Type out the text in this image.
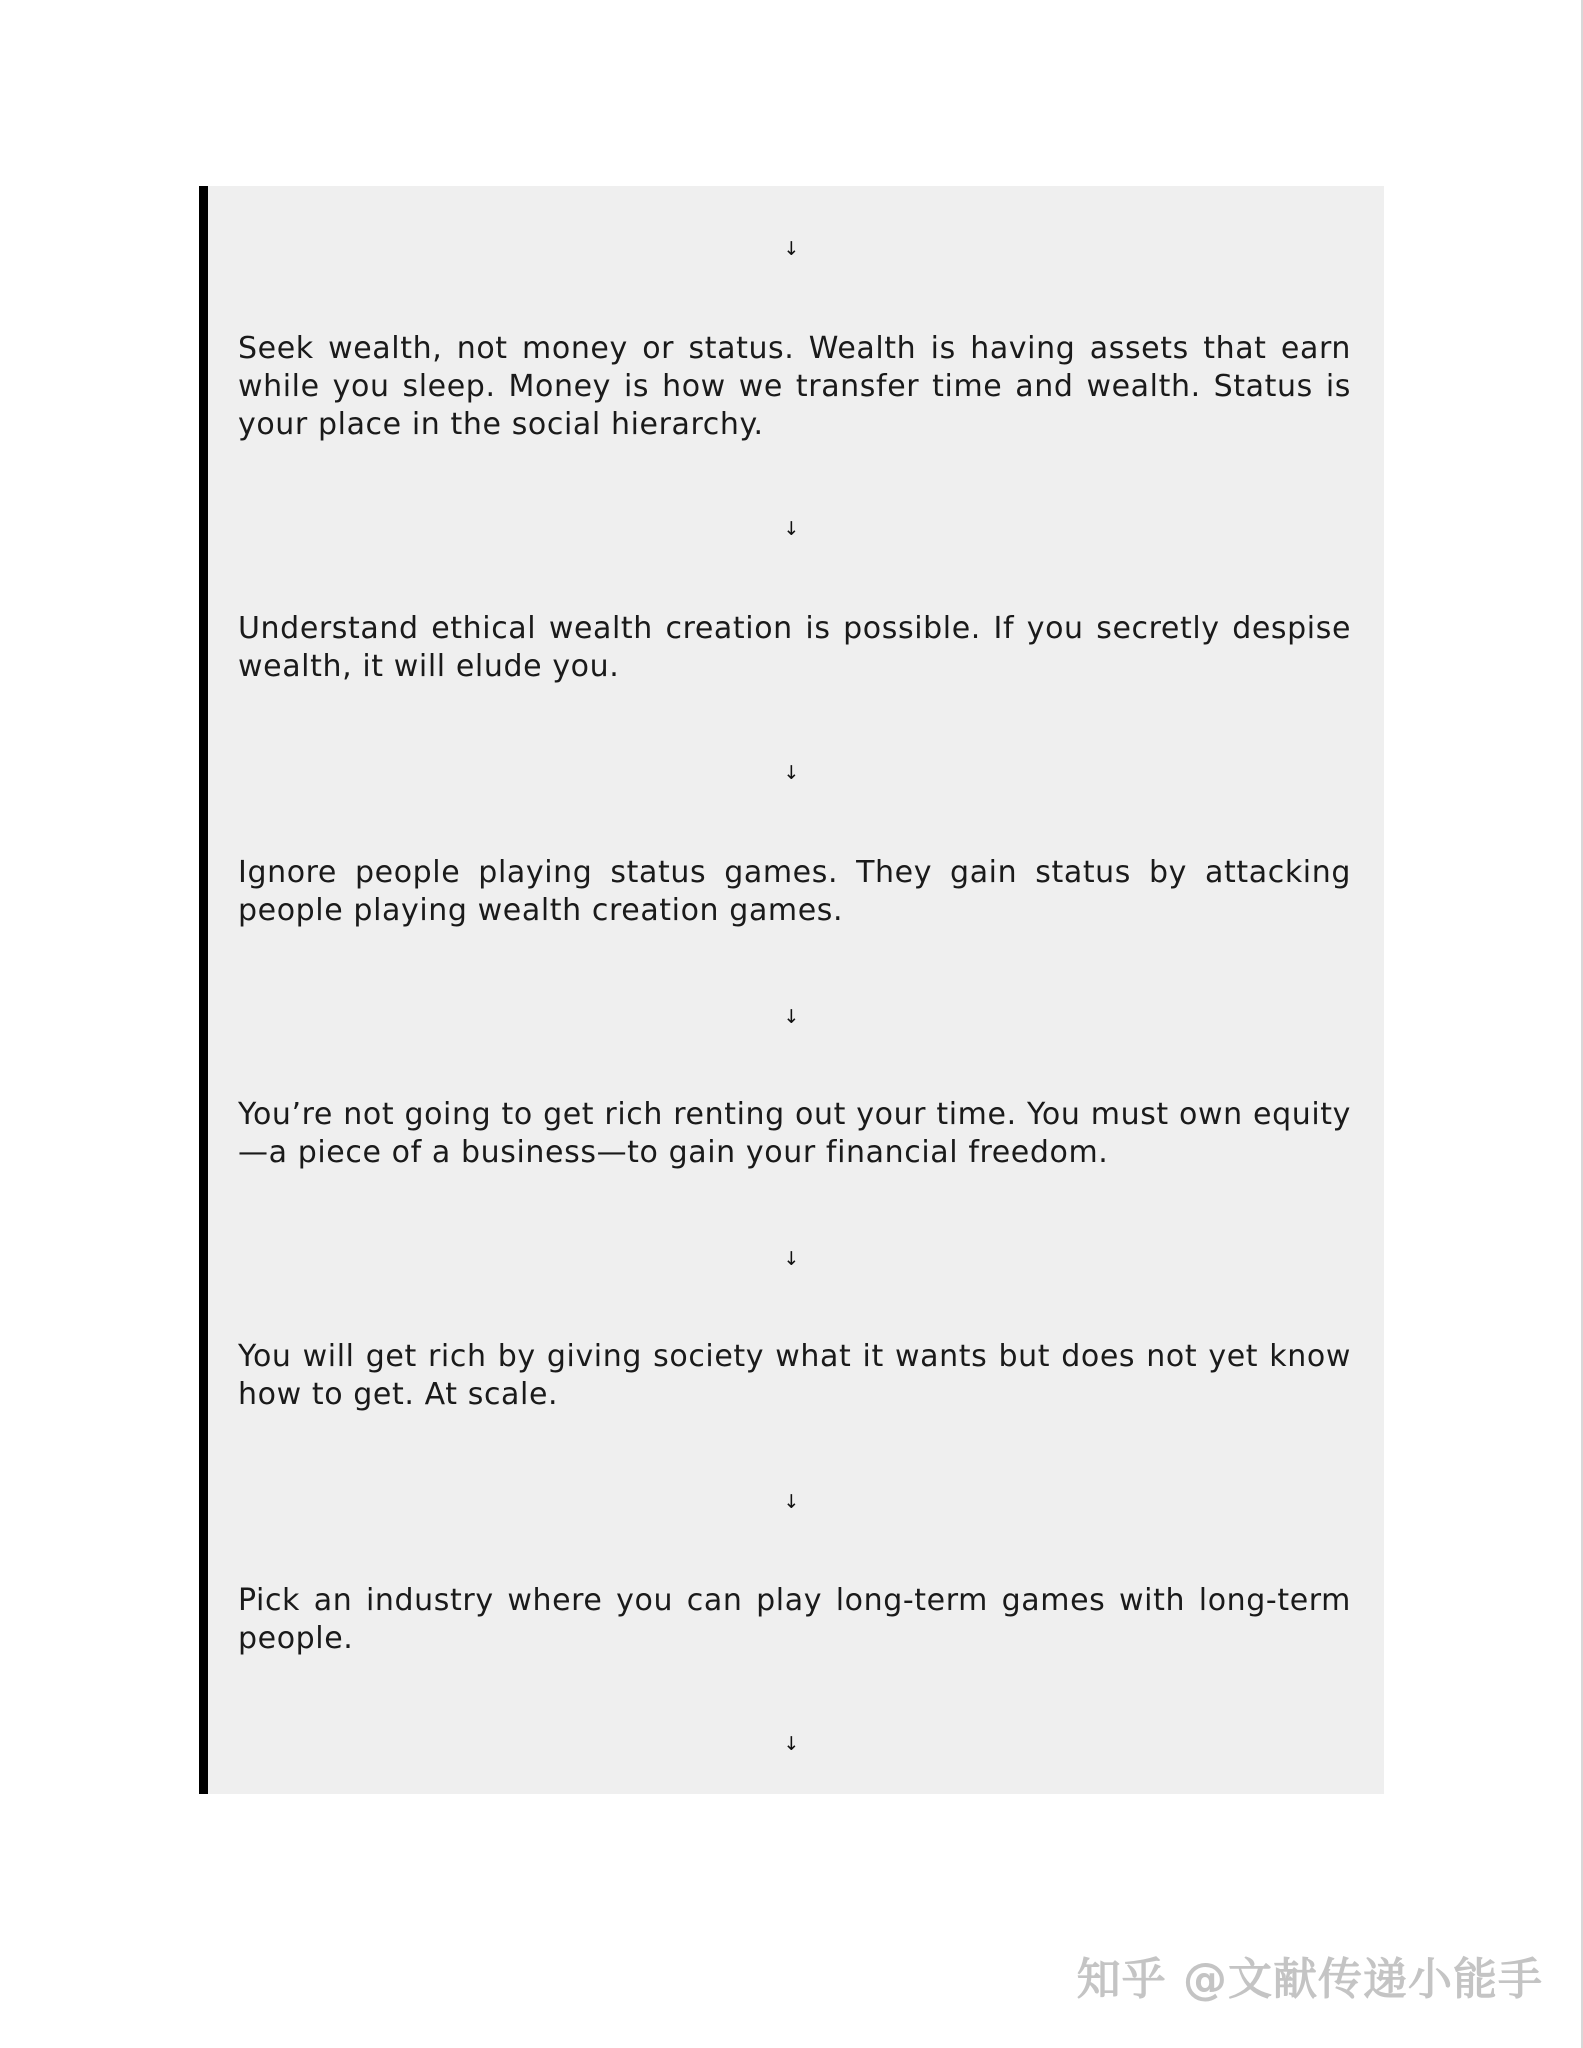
↓

Seek wealth, not money or status. Wealth is having assets that earn while you sleep. Money is how we transfer time and wealth. Status is your place in the social hierarchy.

↓

Understand ethical wealth creation is possible. If you secretly despise wealth, it will elude you.

↓

Ignore people playing status games. They gain status by attacking people playing wealth creation games.

↓

You’re not going to get rich renting out your time. You must own equity—a piece of a business—to gain your financial freedom.

↓

You will get rich by giving society what it wants but does not yet know how to get. At scale.

↓

Pick an industry where you can play long-term games with long-term people.

↓
知乎 @文献传递小能手
